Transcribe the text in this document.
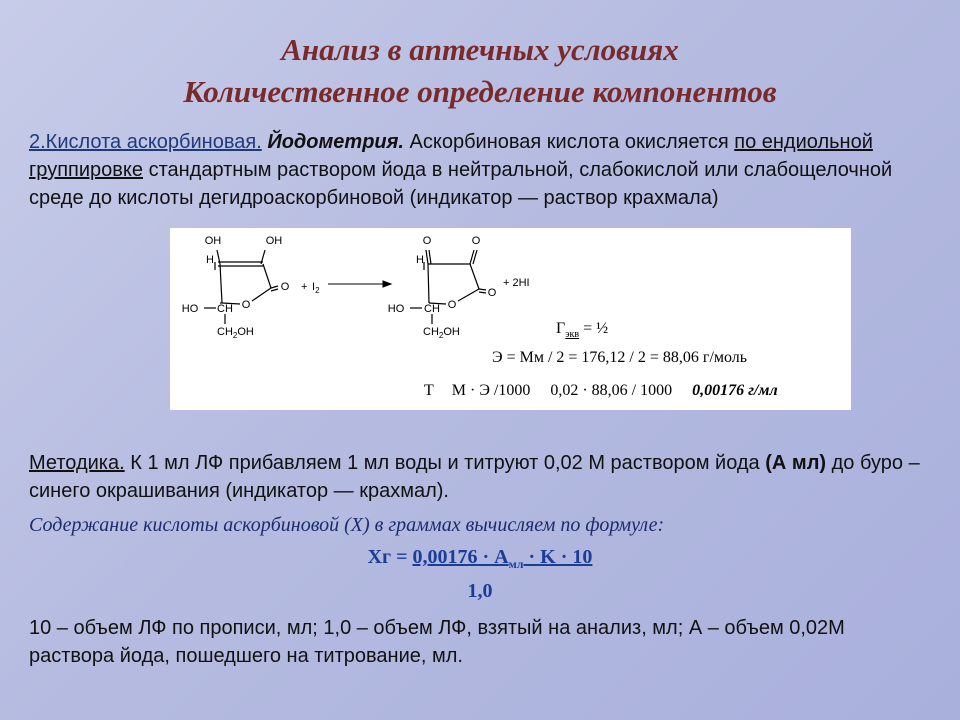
Анализ в аптечных условиях
Количественное определение компонентов
2.Кислота аскорбиновая. Йодометрия. Аскорбиновая кислота окисляется по ендиольной группировке стандартным раствором йода в нейтральной, слабокислой или слабощелочной среде до кислоты дегидроаскорбиновой (индикатор — раствор крахмала)
OH	OH
H
O
O
HO CH
$CH_2OH$
+ $I_2$
O	O
H
O
O
HO CH
$CH_2OH$
+ 2HI
$Г_{экв}$ = ½
Э = Мм / 2 = 176,12 / 2 = 88,06 г/моль
Т М · Э /1000 0,02 · 88,06 / 1000 0,00176 г/мл
Методика. К 1 мл ЛФ прибавляем 1 мл воды и титруют 0,02 М раствором йода (А мл) до буро – синего окрашивания (индикатор — крахмал).
Содержание кислоты аскорбиновой (Х) в граммах вычисляем по формуле:
Хг = $0,00176 \cdot А_{мл} \cdot K \cdot 10$
1,0
10 – объем ЛФ по прописи, мл; 1,0 – объем ЛФ, взятый на анализ, мл; А – объем 0,02М раствора йода, пошедшего на титрование, мл.
